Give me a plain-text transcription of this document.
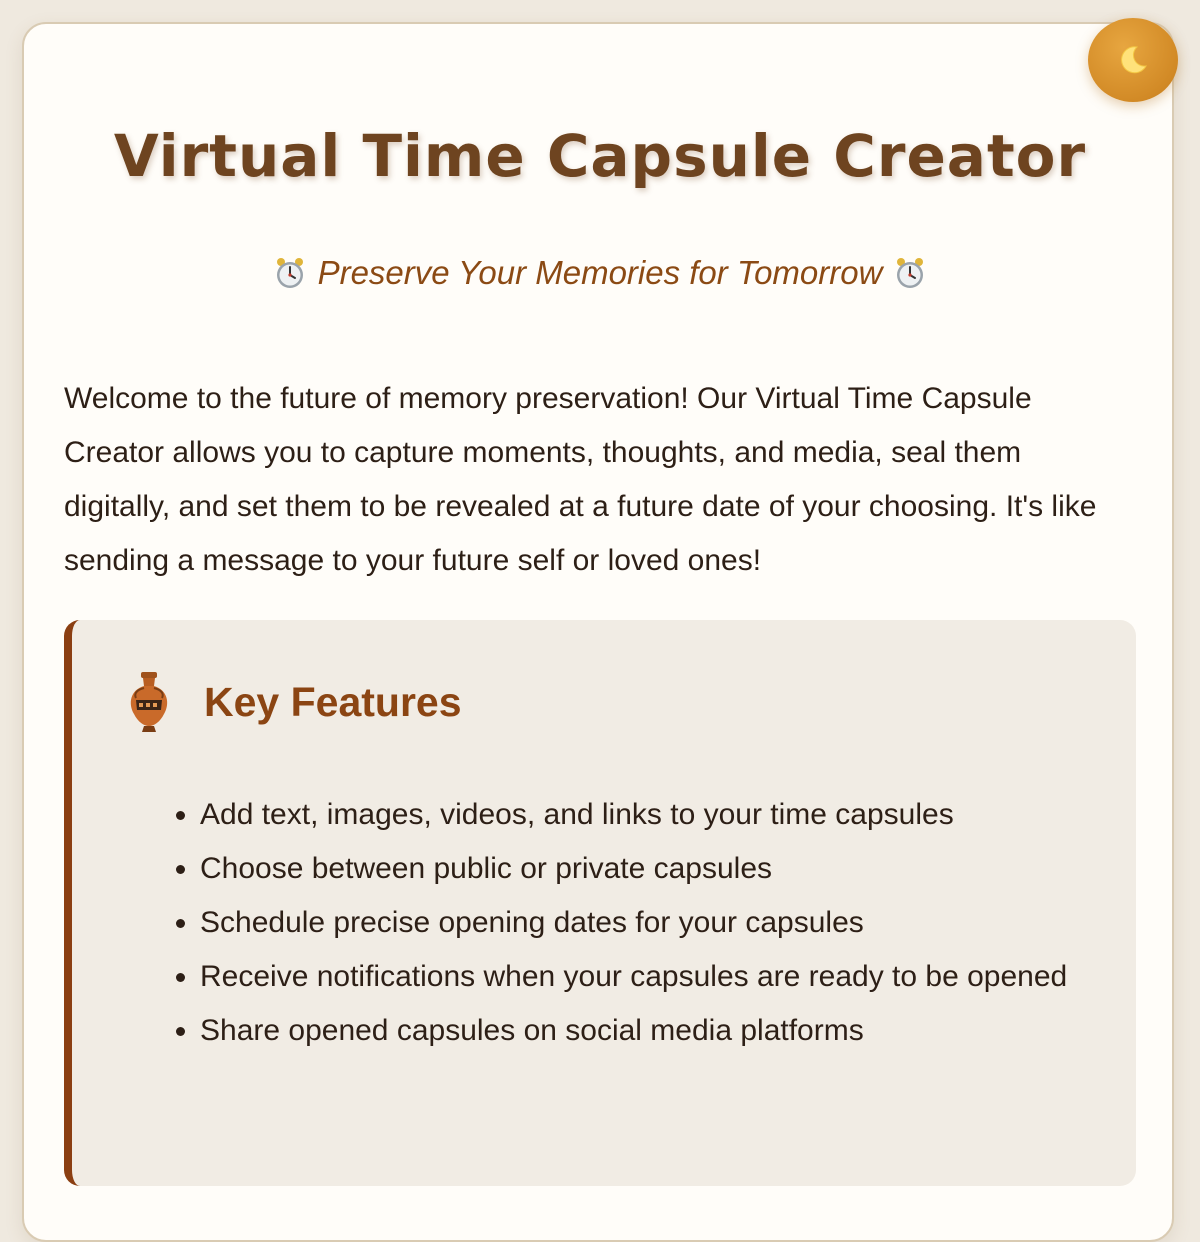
Virtual Time Capsule Creator
Preserve Your Memories for Tomorrow

Welcome to the future of memory preservation! Our Virtual Time Capsule Creator allows you to capture moments, thoughts, and media, seal them digitally, and set them to be revealed at a future date of your choosing. It's like sending a message to your future self or loved ones!

Key Features
• Add text, images, videos, and links to your time capsules
• Choose between public or private capsules
• Schedule precise opening dates for your capsules
• Receive notifications when your capsules are ready to be opened
• Share opened capsules on social media platforms
